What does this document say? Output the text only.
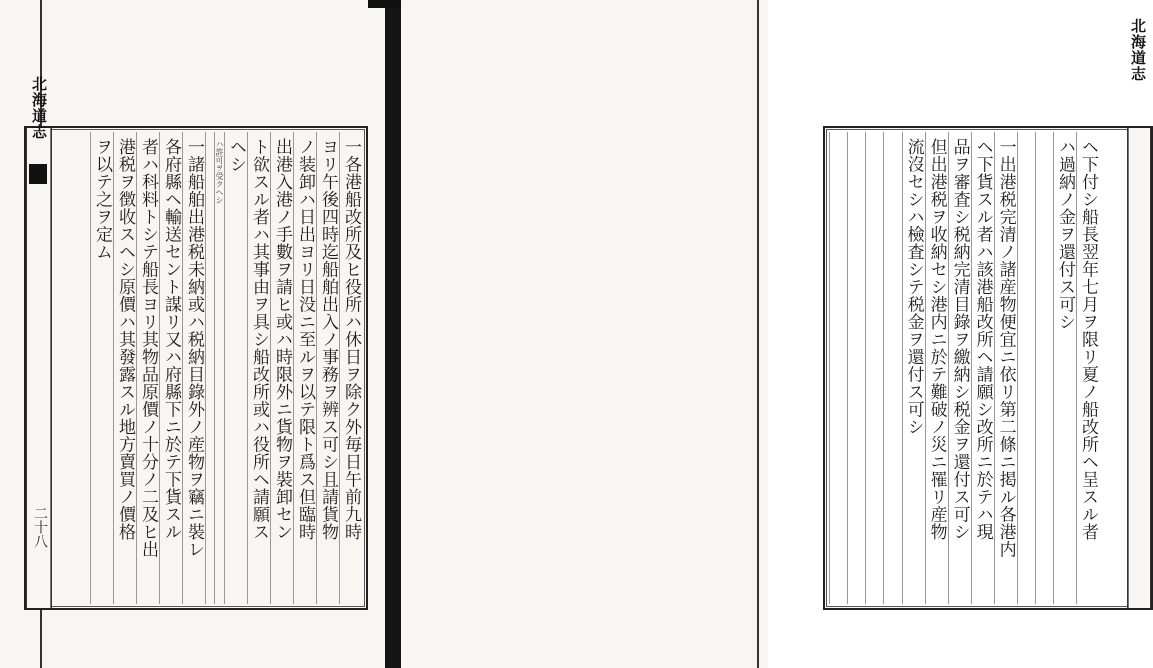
北海道志
二十八	一各港船改所及ヒ役所ハ休日ヲ除ク外毎日午前九時
ヨリ午後四時迄船舶出入ノ事務ヲ辨ス可シ且請貨物
ノ装卸ハ日出ヨリ日没ニ至ルヲ以テ限ト爲ス但臨時
出港入港ノ手數ヲ請ヒ或ハ時限外ニ貨物ヲ裝卸セン
ト欲スル者ハ其事由ヲ具シ船改所或ハ役所ヘ請願ス
ヘシ
ハ許可ヲ受クヘシ
一諸船舶出港税未納或ハ税納目錄外ノ産物ヲ竊ニ裝レ
各府縣ヘ輸送セント謀リ又ハ府縣下ニ於テ下貨スル
者ハ科料トシテ船長ヨリ其物品原價ノ十分ノ二及ヒ出
港税ヲ徴收スヘシ原價ハ其發露スル地方賣買ノ價格
ヲ以テ之ヲ定ム
北海道志
ヘ下付シ船長翌年七月ヲ限リ夏ノ船改所ヘ呈スル者
ハ過納ノ金ヲ還付ス可シ
一出港税完清ノ諸産物便宜ニ依リ第二條ニ掲ル各港内
ヘ下貨スル者ハ該港船改所ヘ請願シ改所ニ於テハ現
品ヲ審査シ税納完清目錄ヲ繳納シ税金ヲ還付ス可シ
但出港税ヲ收納セシ港内ニ於テ難破ノ災ニ罹リ産物
流沒セシハ檢査シテ税金ヲ還付ス可シ
